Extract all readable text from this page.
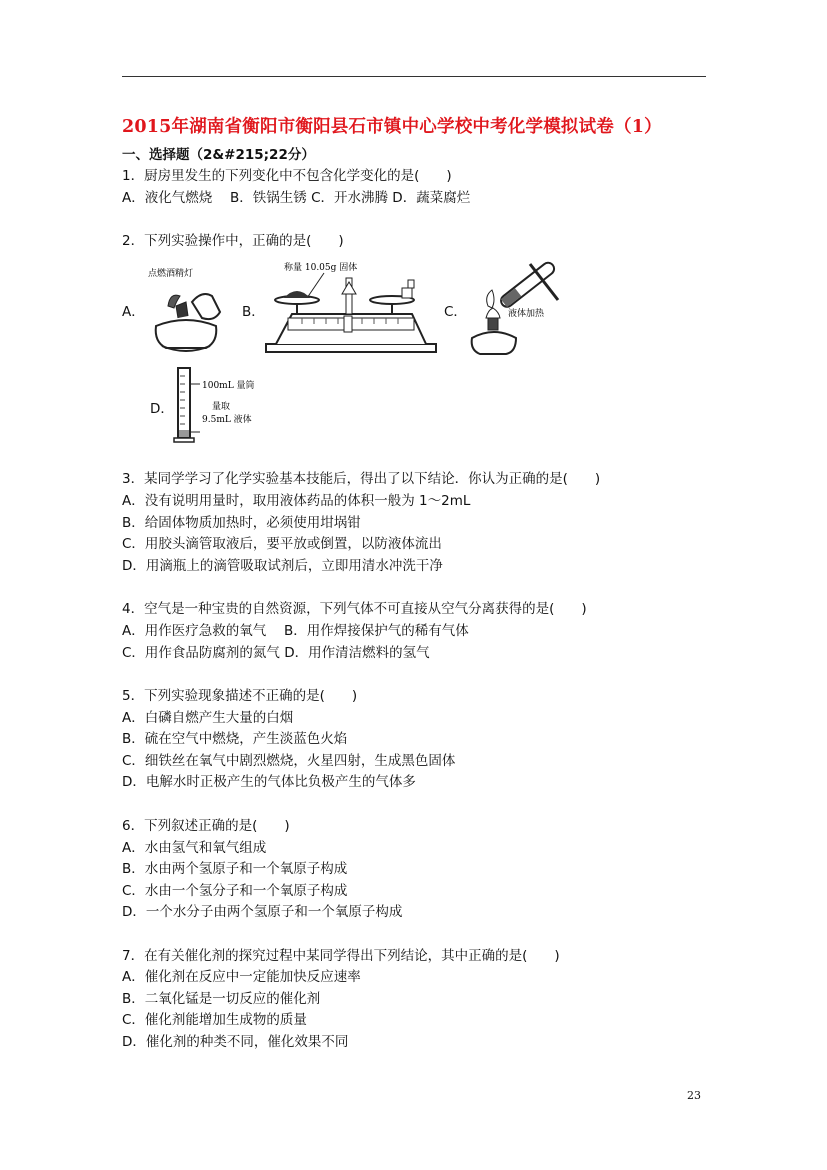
2015年湖南省衡阳市衡阳县石市镇中心学校中考化学模拟试卷（1）
一、选择题（2&#215;22分）
1．厨房里发生的下列变化中不包含化学变化的是(　　)
A．液化气燃烧　 B．铁锅生锈 C．开水沸腾 D．蔬菜腐烂
2．下列实验操作中，正确的是(　　)
A．
点燃酒精灯
B．
称量 10.05g 固体
C．	液体加热
D．
100mL 量筒
量取
9.5mL 液体
3．某同学学习了化学实验基本技能后，得出了以下结论．你认为正确的是(　　)
A．没有说明用量时，取用液体药品的体积一般为 1～2mL
B．给固体物质加热时，必须使用坩埚钳
C．用胶头滴管取液后，要平放或倒置，以防液体流出
D．用滴瓶上的滴管吸取试剂后，立即用清水冲洗干净
4．空气是一种宝贵的自然资源，下列气体不可直接从空气分离获得的是(　　)
A．用作医疗急救的氧气　 B．用作焊接保护气的稀有气体
C．用作食品防腐剂的氮气 D．用作清洁燃料的氢气
5．下列实验现象描述不正确的是(　　)
A．白磷自燃产生大量的白烟
B．硫在空气中燃烧，产生淡蓝色火焰
C．细铁丝在氧气中剧烈燃烧，火星四射，生成黑色固体
D．电解水时正极产生的气体比负极产生的气体多
6．下列叙述正确的是(　　)
A．水由氢气和氧气组成
B．水由两个氢原子和一个氧原子构成
C．水由一个氢分子和一个氧原子构成
D．一个水分子由两个氢原子和一个氧原子构成
7．在有关催化剂的探究过程中某同学得出下列结论，其中正确的是(　　)
A．催化剂在反应中一定能加快反应速率
B．二氧化锰是一切反应的催化剂
C．催化剂能增加生成物的质量
D．催化剂的种类不同，催化效果不同
23
